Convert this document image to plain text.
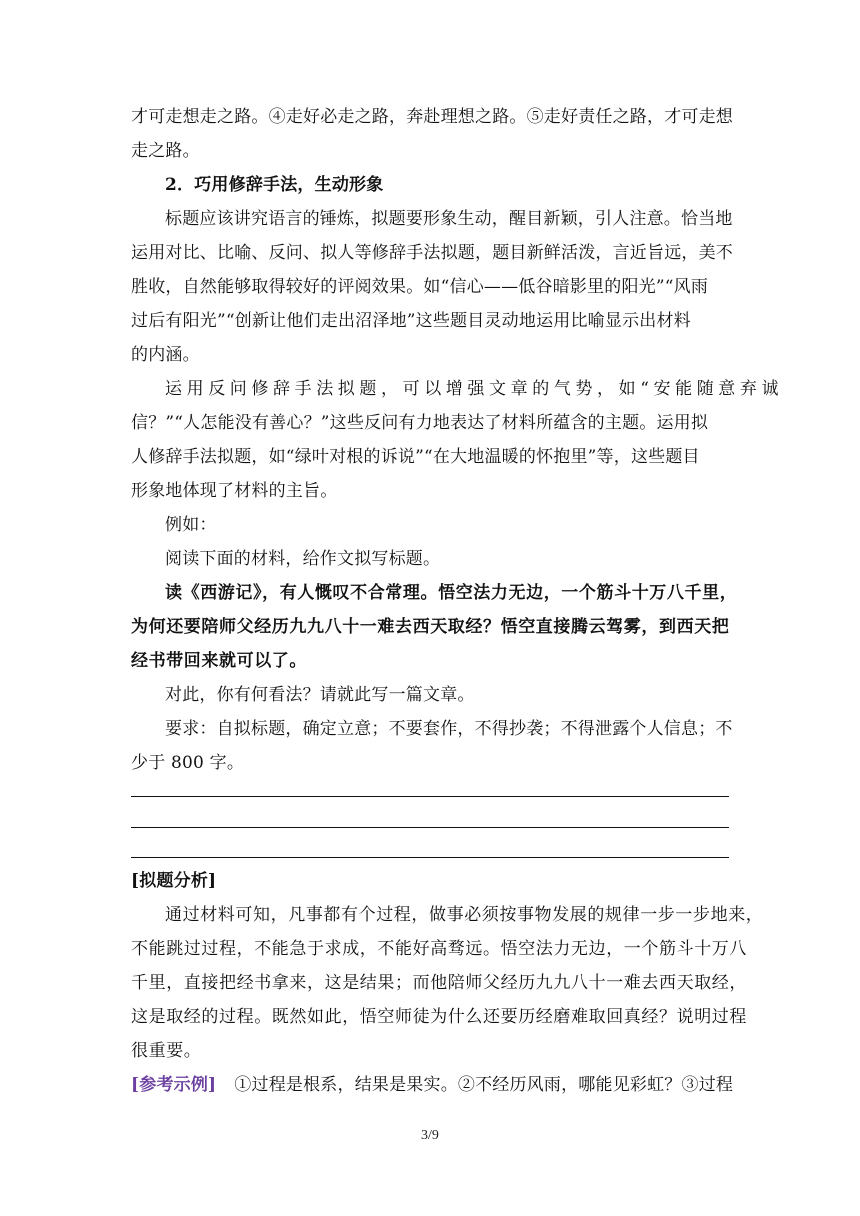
才可走想走之路。④走好必走之路，奔赴理想之路。⑤走好责任之路，才可走想
走之路。
2．巧用修辞手法，生动形象
标题应该讲究语言的锤炼，拟题要形象生动，醒目新颖，引人注意。恰当地
运用对比、比喻、反问、拟人等修辞手法拟题，题目新鲜活泼，言近旨远，美不
胜收，自然能够取得较好的评阅效果。如“信心——低谷暗影里的阳光”“风雨
过后有阳光”“创新让他们走出沼泽地”这些题目灵动地运用比喻显示出材料
的内涵。
运用反问修辞手法拟题，可以增强文章的气势，如“安能随意弃诚
信？”“人怎能没有善心？”这些反问有力地表达了材料所蕴含的主题。运用拟
人修辞手法拟题，如“绿叶对根的诉说”“在大地温暖的怀抱里”等，这些题目
形象地体现了材料的主旨。
例如：
阅读下面的材料，给作文拟写标题。
读《西游记》，有人慨叹不合常理。悟空法力无边，一个筋斗十万八千里，
为何还要陪师父经历九九八十一难去西天取经？悟空直接腾云驾雾，到西天把
经书带回来就可以了。
对此，你有何看法？请就此写一篇文章。
要求：自拟标题，确定立意；不要套作，不得抄袭；不得泄露个人信息；不
少于 800 字。
[拟题分析]
通过材料可知，凡事都有个过程，做事必须按事物发展的规律一步一步地来，
不能跳过过程，不能急于求成，不能好高骛远。悟空法力无边，一个筋斗十万八
千里，直接把经书拿来，这是结果；而他陪师父经历九九八十一难去西天取经，
这是取经的过程。既然如此，悟空师徒为什么还要历经磨难取回真经？说明过程
很重要。
[参考示例] ①过程是根系，结果是果实。②不经历风雨，哪能见彩虹？③过程
3/9
